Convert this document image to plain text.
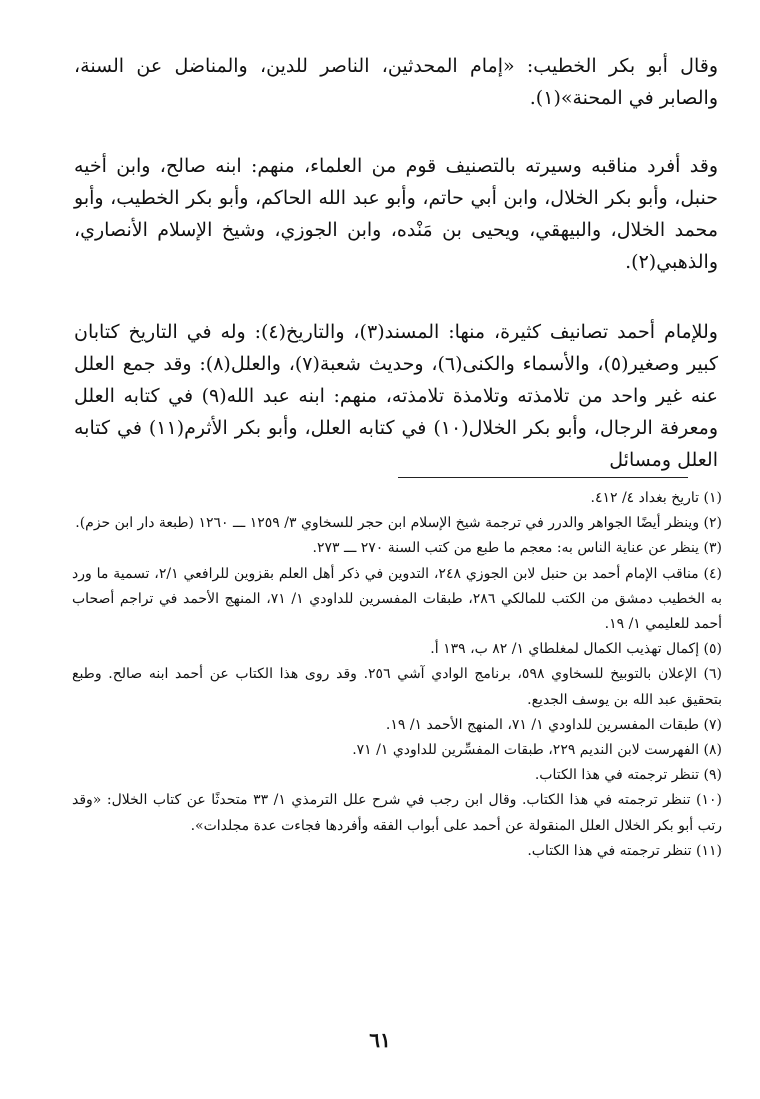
وقال أبو بكر الخطيب: «إمام المحدثين، الناصر للدين، والمناضل عن السنة، والصابر في المحنة»(١).

وقد أفرد مناقبه وسيرته بالتصنيف قوم من العلماء، منهم: ابنه صالح، وابن أخيه حنبل، وأبو بكر الخلال، وابن أبي حاتم، وأبو عبد الله الحاكم، وأبو بكر الخطيب، وأبو محمد الخلال، والبيهقي، ويحيى بن مَنْده، وابن الجوزي، وشيخ الإسلام الأنصاري، والذهبي(٢).

وللإمام أحمد تصانيف كثيرة، منها: المسند(٣)، والتاريخ(٤): وله في التاريخ كتابان كبير وصغير(٥)، والأسماء والكنى(٦)، وحديث شعبة(٧)، والعلل(٨): وقد جمع العلل عنه غير واحد من تلامذته وتلامذة تلامذته، منهم: ابنه عبد الله(٩) في كتابه العلل ومعرفة الرجال، وأبو بكر الخلال(١٠) في كتابه العلل، وأبو بكر الأثرم(١١) في كتابه العلل ومسائل

(١) تاريخ بغداد ٤/ ٤١٢.

(٢) وينظر أيضًا الجواهر والدرر في ترجمة شيخ الإسلام ابن حجر للسخاوي ٣/ ١٢٥٩ ـــ ١٢٦٠ (طبعة دار ابن حزم).

(٣) ينظر عن عناية الناس به: معجم ما طبع من كتب السنة ٢٧٠ ـــ ٢٧٣.

(٤) مناقب الإمام أحمد بن حنبل لابن الجوزي ٢٤٨، التدوين في ذكر أهل العلم بقزوين للرافعي ٢/١، تسمية ما ورد به الخطيب دمشق من الكتب للمالكي ٢٨٦، طبقات المفسرين للداودي ١/ ٧١، المنهج الأحمد في تراجم أصحاب أحمد للعليمي ١/ ١٩.

(٥) إكمال تهذيب الكمال لمغلطاي ١/ ٨٢ ب، ١٣٩ أ.

(٦) الإعلان بالتوبيخ للسخاوي ٥٩٨، برنامج الوادي آشي ٢٥٦. وقد روى هذا الكتاب عن أحمد ابنه صالح. وطبع بتحقيق عبد الله بن يوسف الجديع.

(٧) طبقات المفسرين للداودي ١/ ٧١، المنهج الأحمد ١/ ١٩.

(٨) الفهرست لابن النديم ٢٢٩، طبقات المفسِّرين للداودي ١/ ٧١.

(٩) تنظر ترجمته في هذا الكتاب.

(١٠) تنظر ترجمته في هذا الكتاب. وقال ابن رجب في شرح علل الترمذي ١/ ٣٣ متحدثًا عن كتاب الخلال: «وقد رتب أبو بكر الخلال العلل المنقولة عن أحمد على أبواب الفقه وأفردها فجاءت عدة مجلدات».

(١١) تنظر ترجمته في هذا الكتاب.

٦١
